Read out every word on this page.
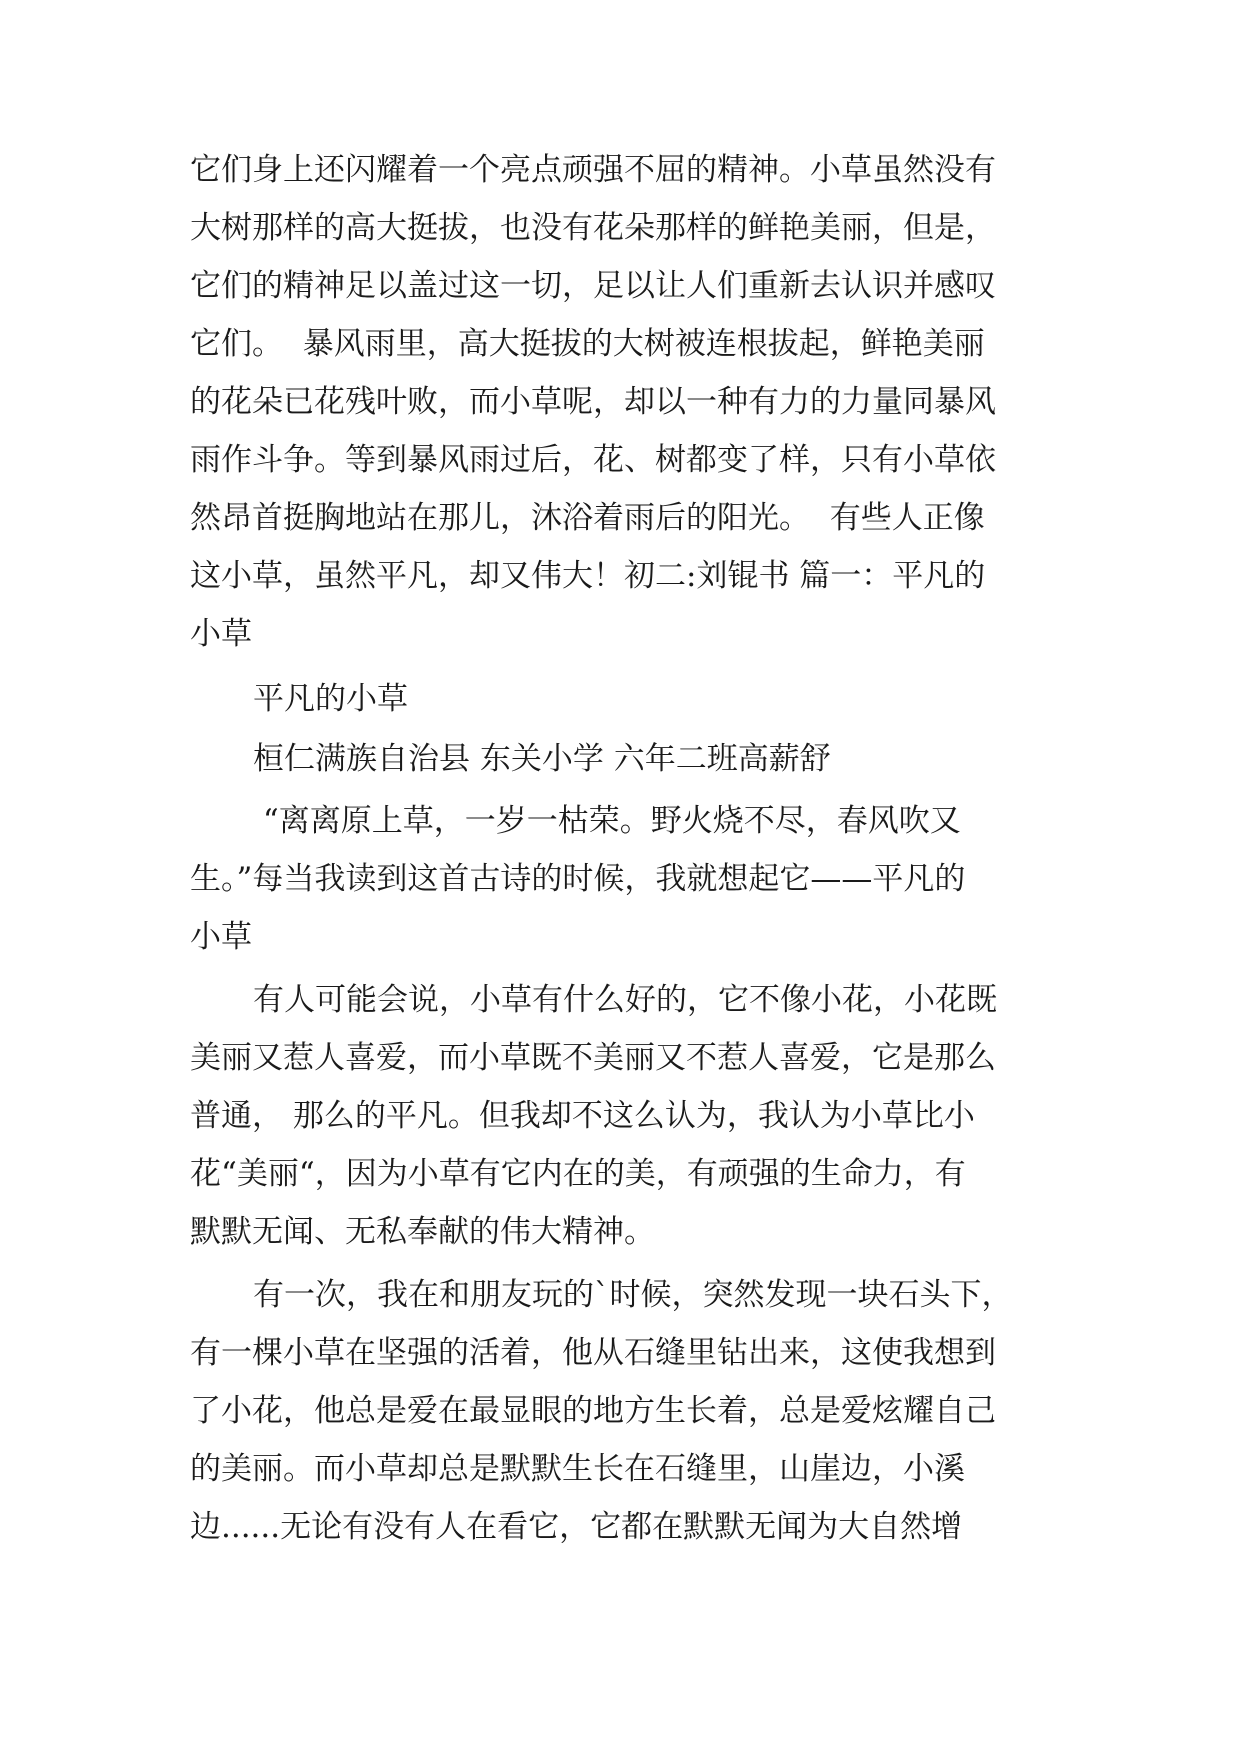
它们身上还闪耀着一个亮点顽强不屈的精神。小草虽然没有
大树那样的高大挺拔，也没有花朵那样的鲜艳美丽，但是，
它们的精神足以盖过这一切，足以让人们重新去认识并感叹
它们。  暴风雨里，高大挺拔的大树被连根拔起，鲜艳美丽
的花朵已花残叶败，而小草呢，却以一种有力的力量同暴风
雨作斗争。等到暴风雨过后，花、树都变了样，只有小草依
然昂首挺胸地站在那儿，沐浴着雨后的阳光。  有些人正像
这小草，虽然平凡，却又伟大！初二:刘锟书 篇一：平凡的
小草
平凡的小草
桓仁满族自治县 东关小学 六年二班高薪舒
“离离原上草，一岁一枯荣。野火烧不尽，春风吹又
生。”每当我读到这首古诗的时候，我就想起它——平凡的
小草
有人可能会说，小草有什么好的，它不像小花，小花既
美丽又惹人喜爱，而小草既不美丽又不惹人喜爱，它是那么
普通， 那么的平凡。但我却不这么认为，我认为小草比小
花“美丽“，因为小草有它内在的美，有顽强的生命力，有
默默无闻、无私奉献的伟大精神。
有一次，我在和朋友玩的`时候，突然发现一块石头下，
有一棵小草在坚强的活着，他从石缝里钻出来，这使我想到
了小花，他总是爱在最显眼的地方生长着，总是爱炫耀自己
的美丽。而小草却总是默默生长在石缝里，山崖边，小溪
边......无论有没有人在看它，它都在默默无闻为大自然增
